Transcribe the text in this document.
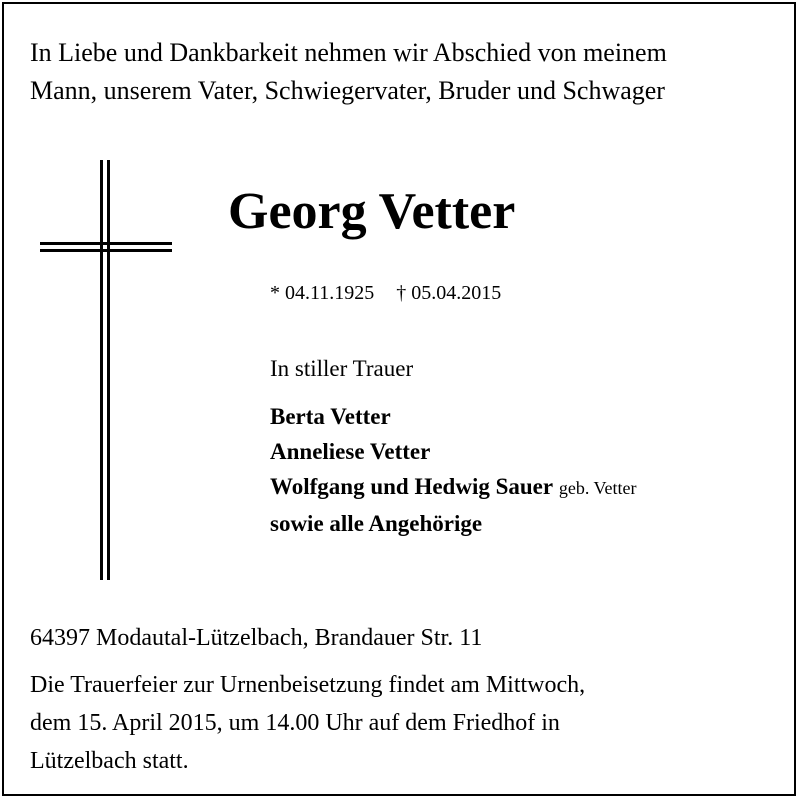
In Liebe und Dankbarkeit nehmen wir Abschied von meinem
Mann, unserem Vater, Schwiegervater, Bruder und Schwager
Georg Vetter
* 04.11.1925 † 05.04.2015
In stiller Trauer
Berta Vetter
Anneliese Vetter
Wolfgang und Hedwig Sauer geb. Vetter
sowie alle Angehörige
64397 Modautal-Lützelbach, Brandauer Str. 11
Die Trauerfeier zur Urnenbeisetzung findet am Mittwoch,
dem 15. April 2015, um 14.00 Uhr auf dem Friedhof in
Lützelbach statt.
